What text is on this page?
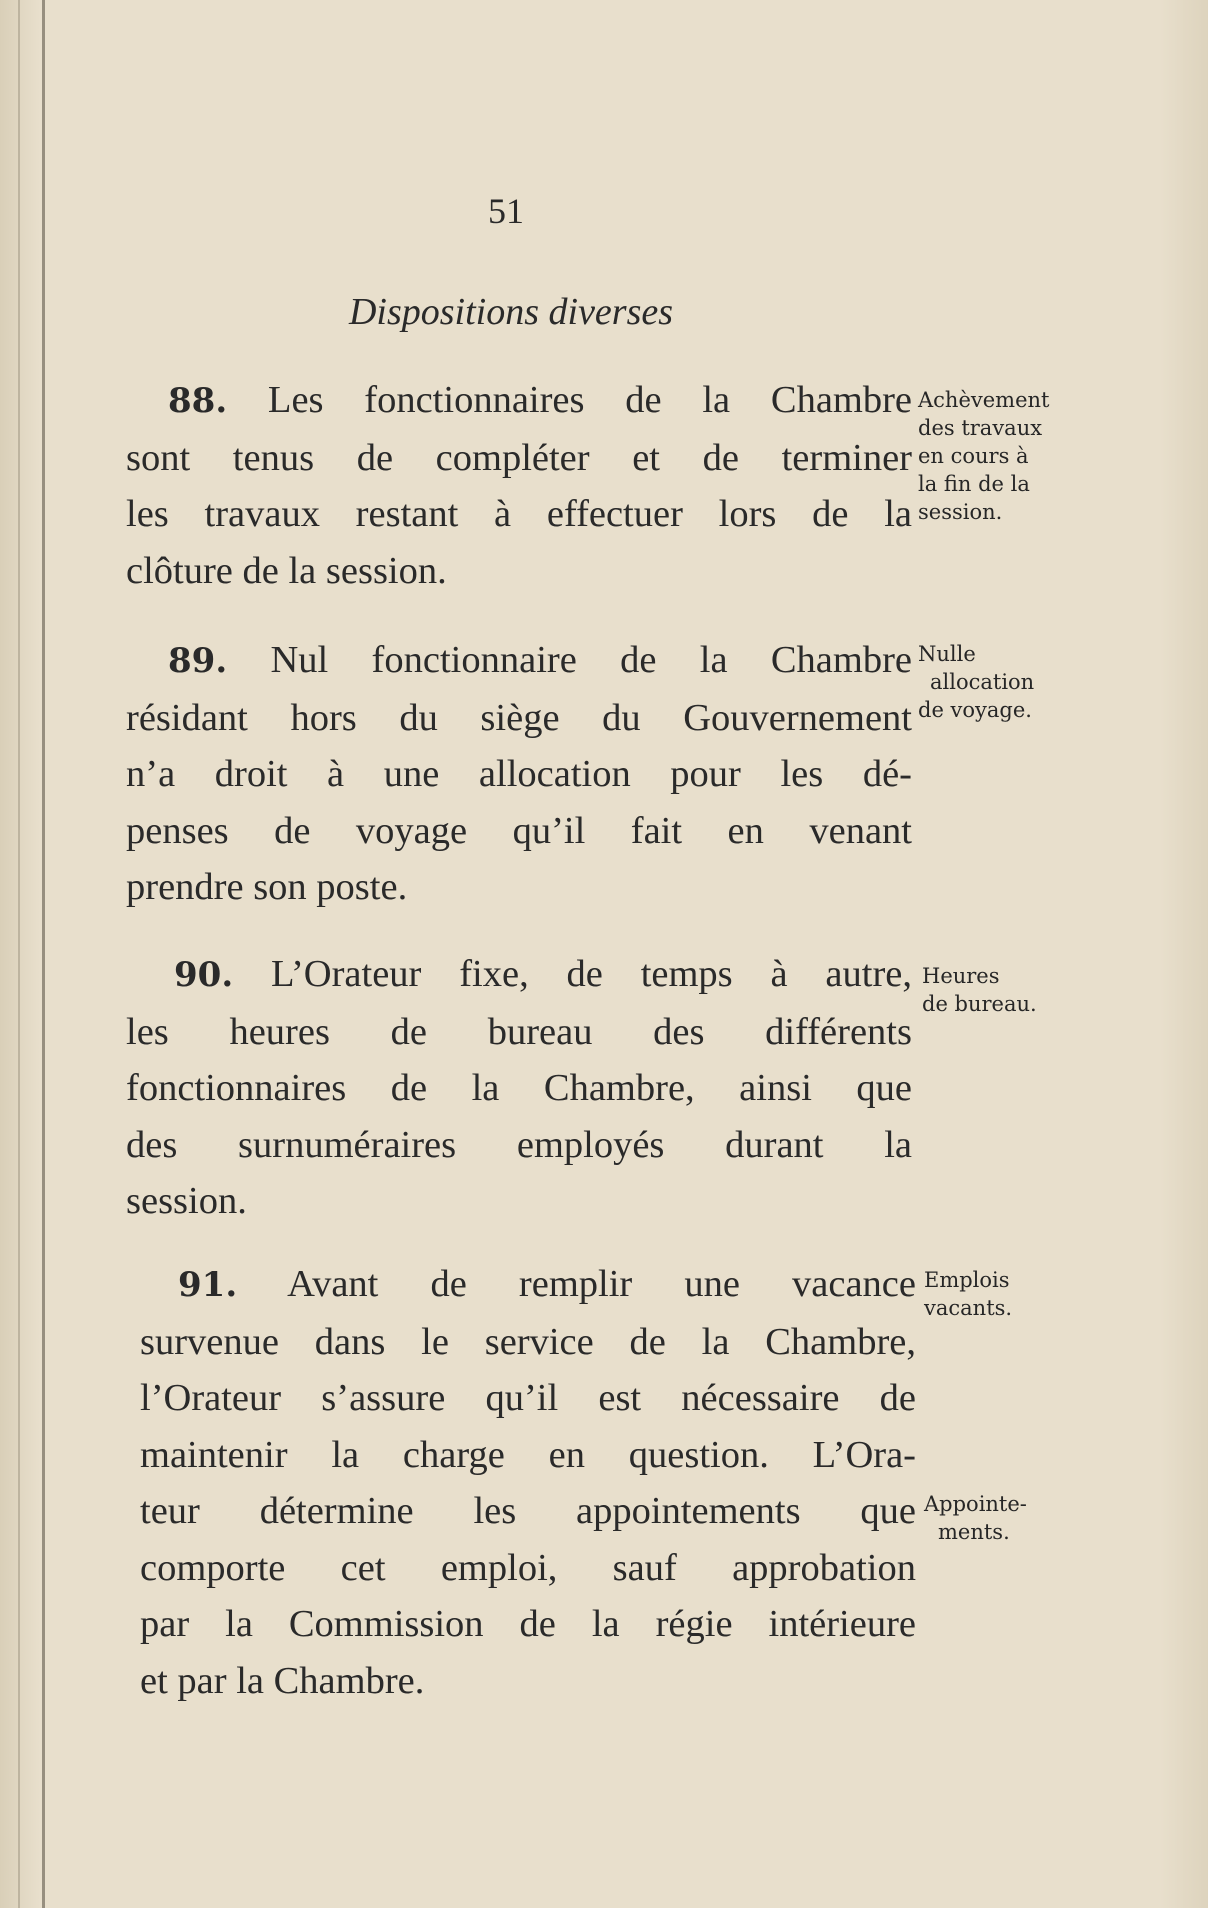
51
Dispositions diverses
88. Les fonctionnaires de la Chambre
sont tenus de compléter et de terminer
les travaux restant à effectuer lors de la
clôture de la session.
Achèvement
des travaux
en cours à
la fin de la
session.
89. Nul fonctionnaire de la Chambre
résidant hors du siège du Gouvernement
n’a droit à une allocation pour les dé-
penses de voyage qu’il fait en venant
prendre son poste.
Nulle
allocation
de voyage.
90. L’Orateur fixe, de temps à autre,
les heures de bureau des différents
fonctionnaires de la Chambre, ainsi que
des surnuméraires employés durant la
session.
Heures
de bureau.
91. Avant de remplir une vacance
survenue dans le service de la Chambre,
l’Orateur s’assure qu’il est nécessaire de
maintenir la charge en question. L’Ora-
teur détermine les appointements que
comporte cet emploi, sauf approbation
par la Commission de la régie intérieure
et par la Chambre.
Emplois
vacants.
Appointe-
ments.
